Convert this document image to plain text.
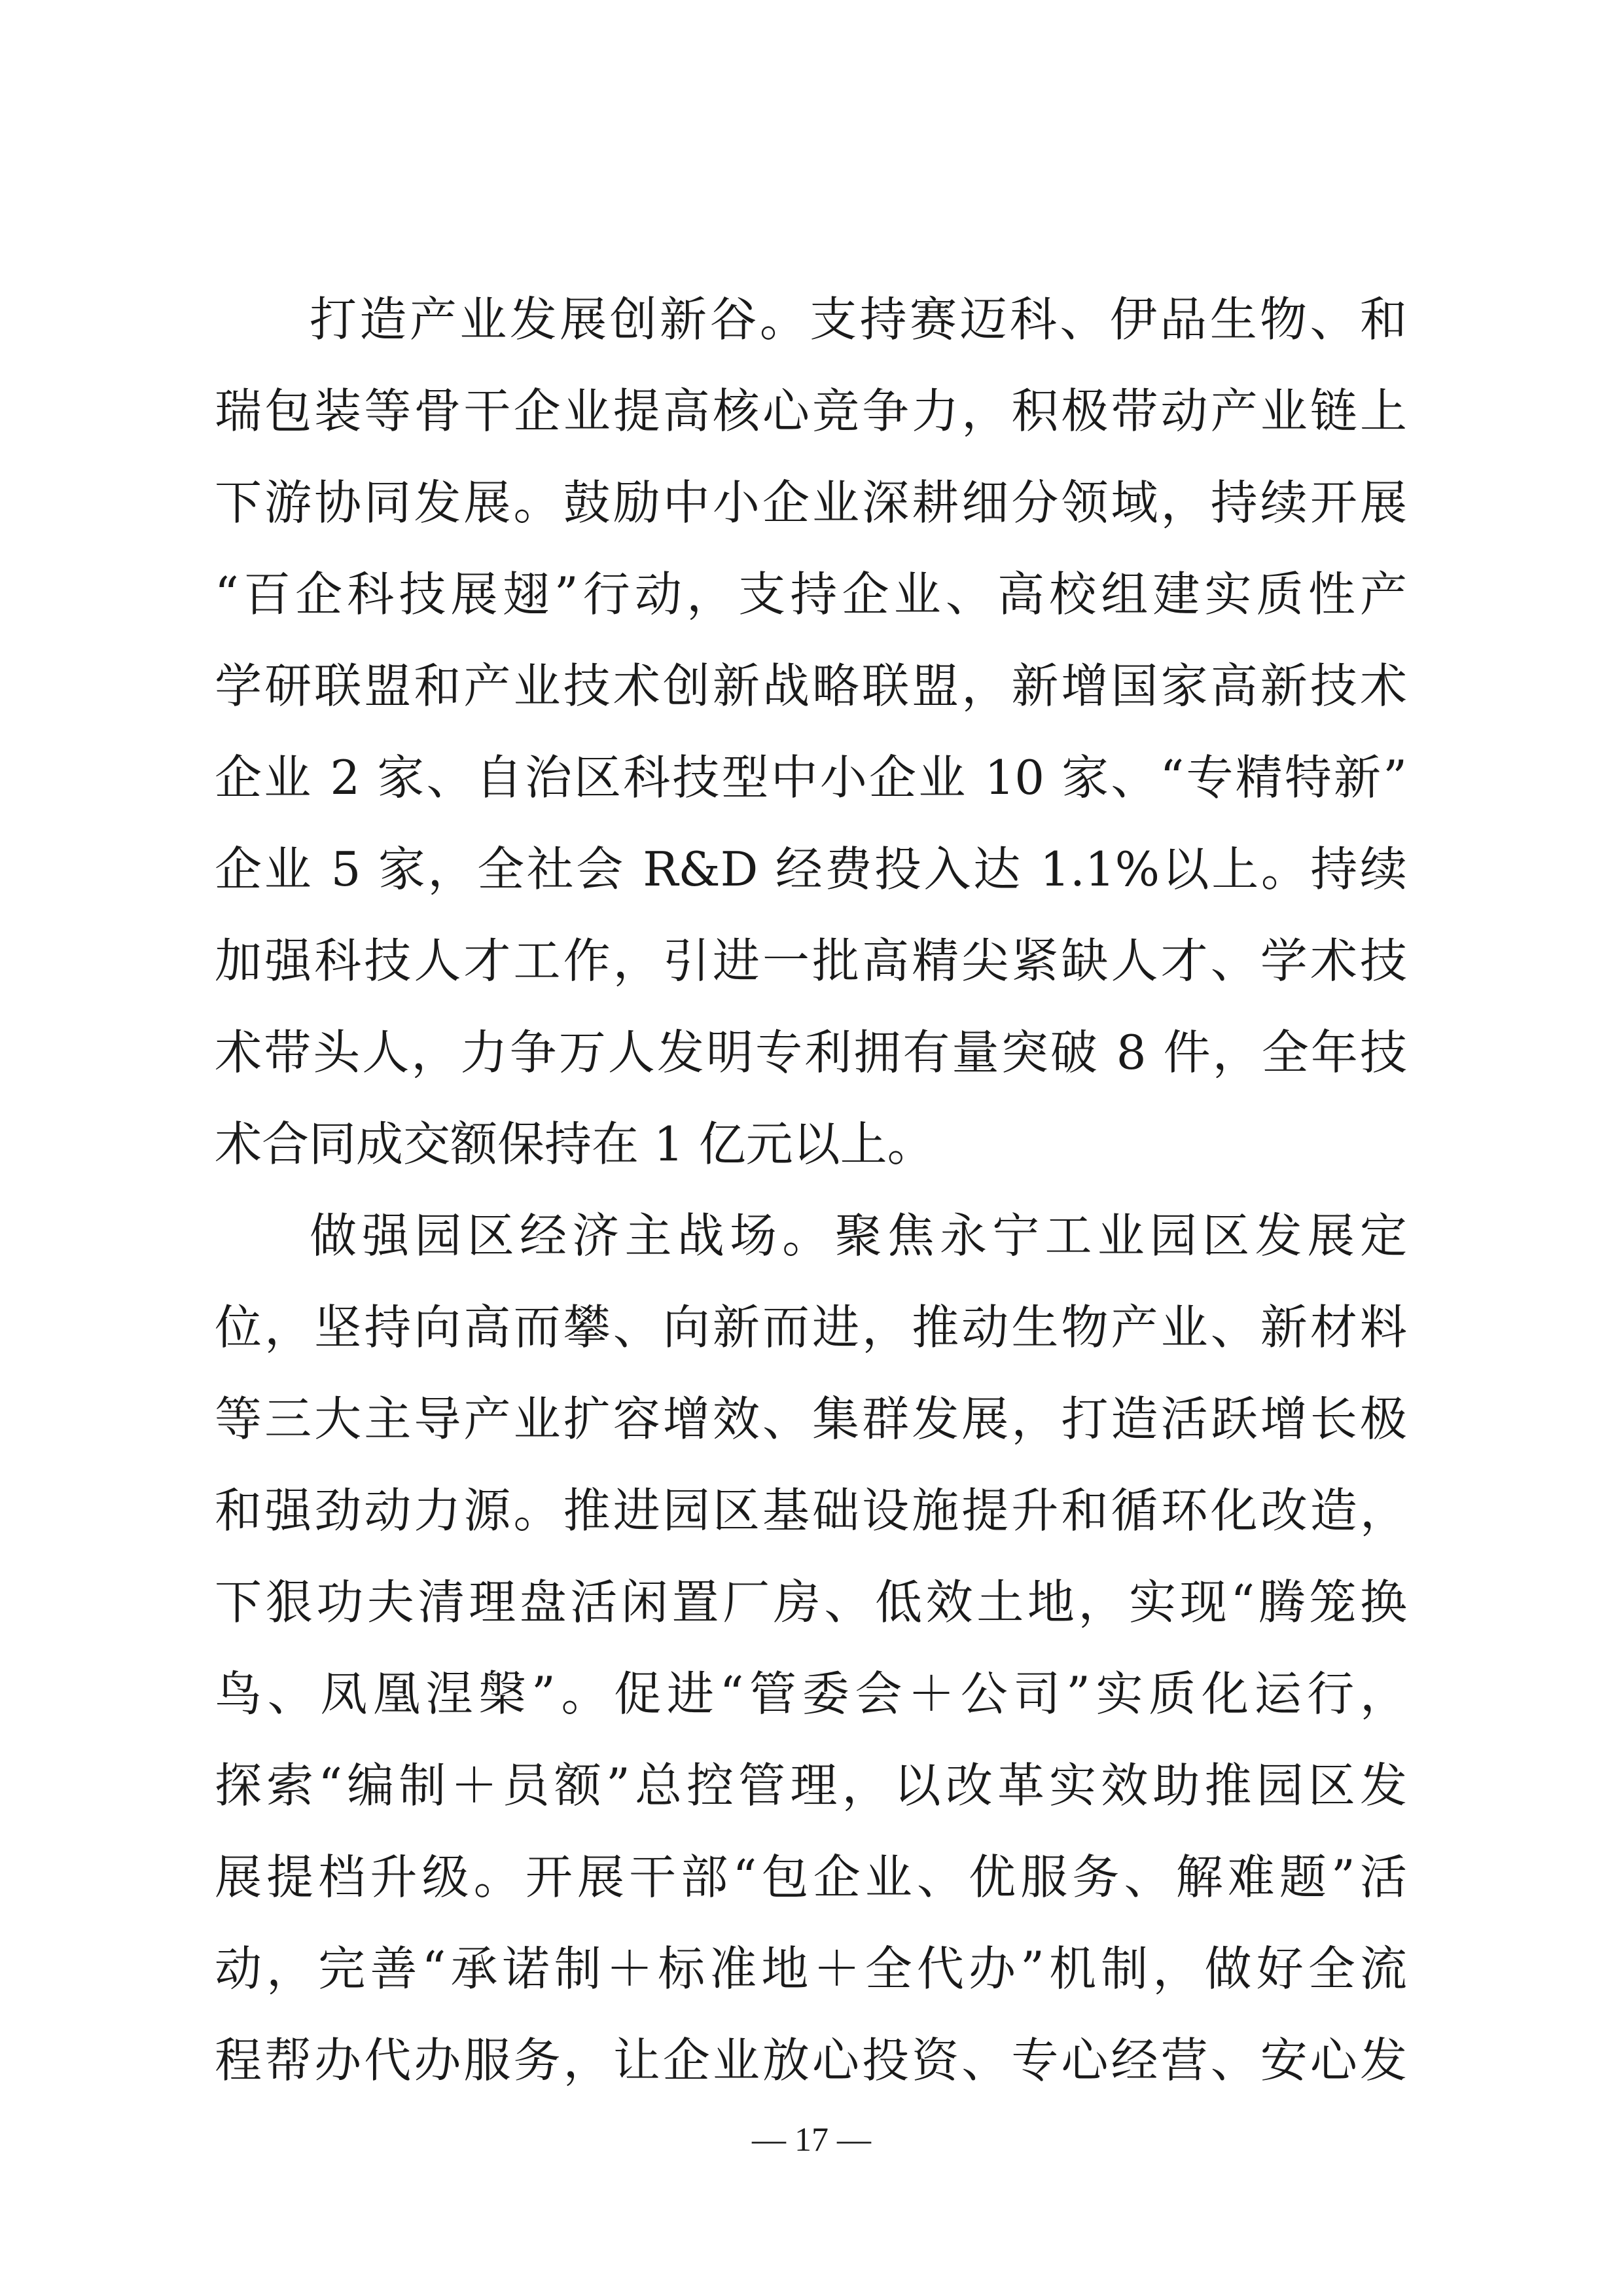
打造产业发展创新谷。支持赛迈科、伊品生物、和
瑞包装等骨干企业提高核心竞争力，积极带动产业链上
下游协同发展。鼓励中小企业深耕细分领域，持续开展
“百企科技展翅”行动，支持企业、高校组建实质性产
学研联盟和产业技术创新战略联盟，新增国家高新技术
企业 2 家、自治区科技型中小企业 10 家、“专精特新”
企业 5 家，全社会 R&D 经费投入达 1.1%以上。持续
加强科技人才工作，引进一批高精尖紧缺人才、学术技
术带头人，力争万人发明专利拥有量突破 8 件，全年技
术合同成交额保持在 1 亿元以上。
做强园区经济主战场。聚焦永宁工业园区发展定
位，坚持向高而攀、向新而进，推动生物产业、新材料
等三大主导产业扩容增效、集群发展，打造活跃增长极
和强劲动力源。推进园区基础设施提升和循环化改造，
下狠功夫清理盘活闲置厂房、低效土地，实现“腾笼换
鸟、凤凰涅槃”。促进“管委会＋公司”实质化运行，
探索“编制＋员额”总控管理，以改革实效助推园区发
展提档升级。开展干部“包企业、优服务、解难题”活
动，完善“承诺制＋标准地＋全代办”机制，做好全流
程帮办代办服务，让企业放心投资、专心经营、安心发
— 17 —
